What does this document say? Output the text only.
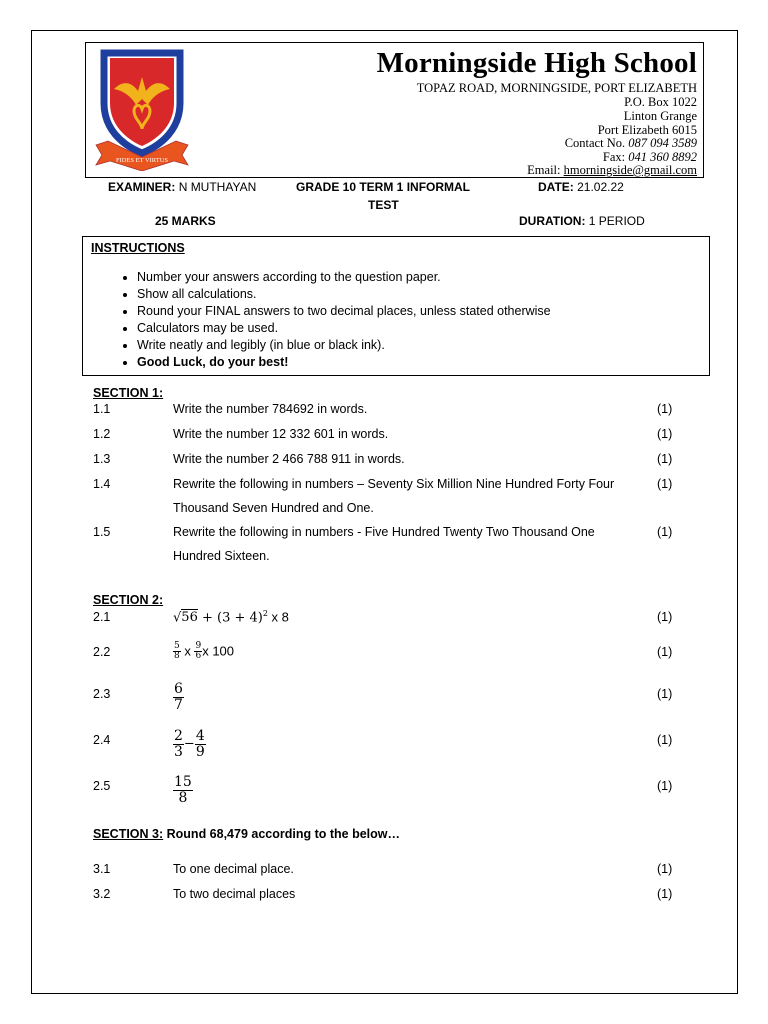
FIDES ET VIRTUS
Morningside High School
TOPAZ ROAD, MORNINGSIDE, PORT ELIZABETH
P.O. Box 1022
Linton Grange
Port Elizabeth 6015
Contact No. 087 094 3589
Fax: 041 360 8892
Email: hmorningside@gmail.com
EXAMINER: N MUTHAYAN	GRADE 10 TERM 1 INFORMAL
TEST
DATE: 21.02.22
25 MARKS	DURATION: 1 PERIOD
INSTRUCTIONS
• Number your answers according to the question paper.
• Show all calculations.
• Round your FINAL answers to two decimal places, unless stated otherwise
• Calculators may be used.
• Write neatly and legibly (in blue or black ink).
• Good Luck, do your best!
SECTION 1:
1.1	Write the number 784692 in words.	(1)
1.2	Write the number 12 332 601 in words.	(1)
1.3	Write the number 2 466 788 911 in words.	(1)
1.4	Rewrite the following in numbers – Seventy Six Million Nine Hundred Forty Four Thousand Seven Hundred and One.
(1)
1.5	Rewrite the following in numbers - Five Hundred Twenty Two Thousand One Hundred Sixteen.
(1)
SECTION 2:
2.1	$√56 + (3 + 4)^2$ x 8	(1)
2.2	$\frac{5}{8}$ x $\frac{9}{6}$ x 100	(1)
2.3	$\frac{6}{7}$	(1)
2.4	$\frac{2}{3} - \frac{4}{9}$	(1)
2.5	$\frac{15}{8}$	(1)
SECTION 3: Round 68,479 according to the below…
3.1	To one decimal place.	(1)
3.2	To two decimal places	(1)
